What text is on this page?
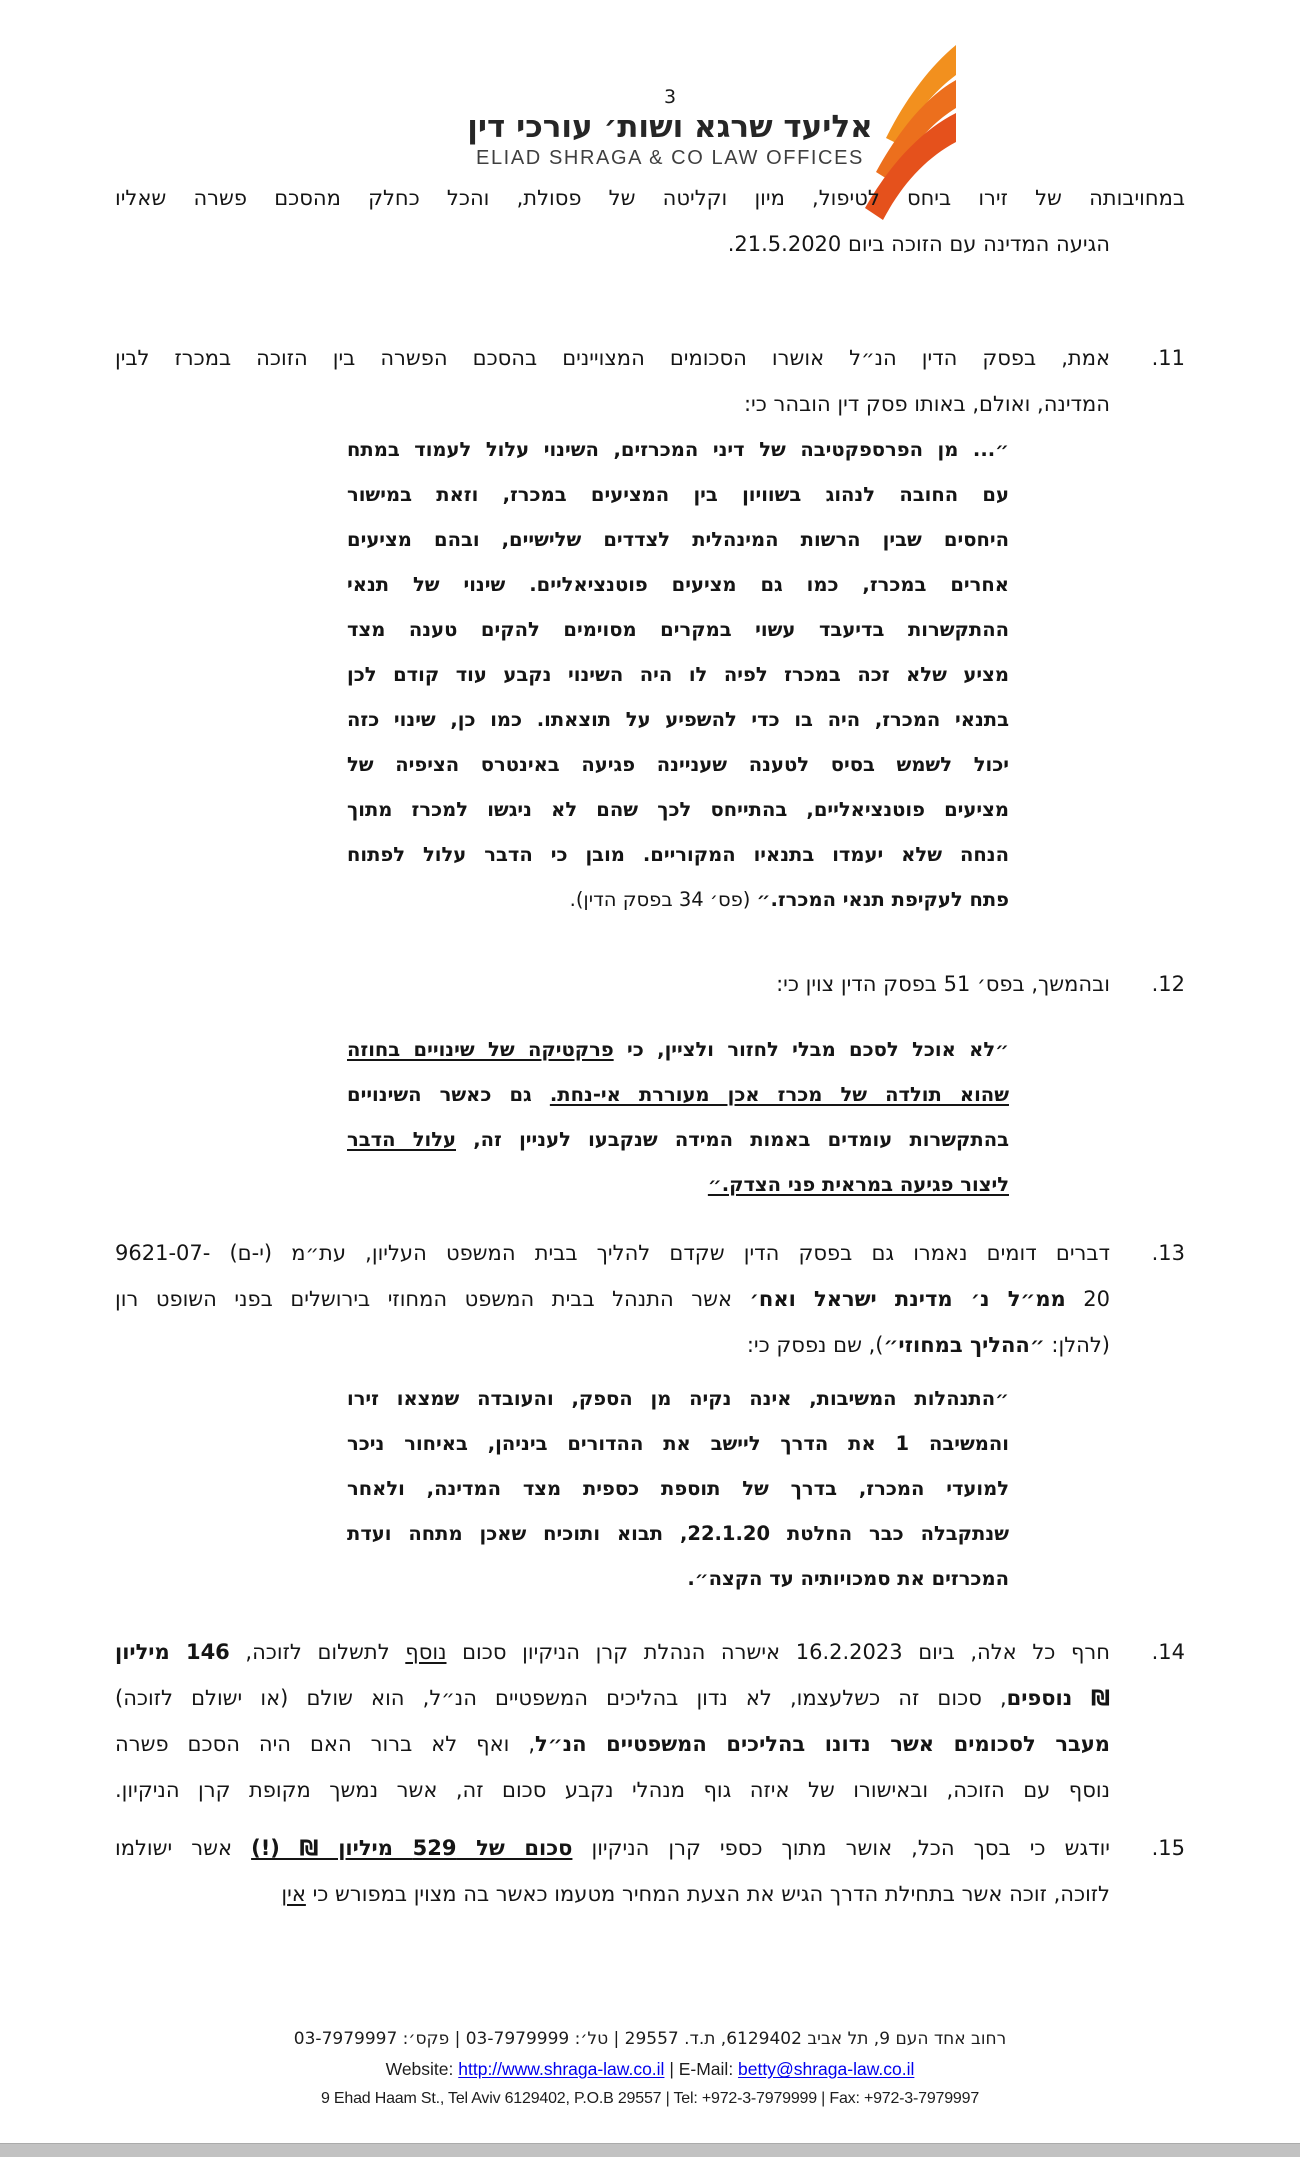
3
אליעד שרגא ושות׳ עורכי דין
ELIAD SHRAGA & CO LAW OFFICES
במחויבותה של זירו ביחס לטיפול, מיון וקליטה של פסולת, והכל כחלק מהסכם פשרה שאליו
הגיעה המדינה עם הזוכה ביום 21.5.2020.
11.
אמת, בפסק הדין הנ״ל אושרו הסכומים המצויינים בהסכם הפשרה בין הזוכה במכרז לבין
המדינה, ואולם, באותו פסק דין הובהר כי:
״... מן הפרספקטיבה של דיני המכרזים, השינוי עלול לעמוד במתח
עם החובה לנהוג בשוויון בין המציעים במכרז, וזאת במישור
היחסים שבין הרשות המינהלית לצדדים שלישיים, ובהם מציעים
אחרים במכרז, כמו גם מציעים פוטנציאליים. שינוי של תנאי
ההתקשרות בדיעבד עשוי במקרים מסוימים להקים טענה מצד
מציע שלא זכה במכרז לפיה לו היה השינוי נקבע עוד קודם לכן
בתנאי המכרז, היה בו כדי להשפיע על תוצאתו. כמו כן, שינוי כזה
יכול לשמש בסיס לטענה שעניינה פגיעה באינטרס הציפיה של
מציעים פוטנציאליים, בהתייחס לכך שהם לא ניגשו למכרז מתוך
הנחה שלא יעמדו בתנאיו המקוריים. מובן כי הדבר עלול לפתוח
פתח לעקיפת תנאי המכרז.״ (פס׳ 34 בפסק הדין).
12.
ובהמשך, בפס׳ 51 בפסק הדין צוין כי:
״לא אוכל לסכם מבלי לחזור ולציין, כי פרקטיקה של שינויים בחוזה
שהוא תולדה של מכרז אכן מעוררת אי-נחת. גם כאשר השינויים
בהתקשרות עומדים באמות המידה שנקבעו לעניין זה, עלול הדבר
ליצור פגיעה במראית פני הצדק.״
13.
דברים דומים נאמרו גם בפסק הדין שקדם להליך בבית המשפט העליון, עת״מ (י-ם) -9621-07
20 ממ״ל נ׳ מדינת ישראל ואח׳ אשר התנהל בבית המשפט המחוזי בירושלים בפני השופט רון
(להלן: ״ההליך במחוזי״), שם נפסק כי:
״התנהלות המשיבות, אינה נקיה מן הספק, והעובדה שמצאו זירו
והמשיבה 1 את הדרך ליישב את ההדורים ביניהן, באיחור ניכר
למועדי המכרז, בדרך של תוספת כספית מצד המדינה, ולאחר
שנתקבלה כבר החלטת 22.1.20, תבוא ותוכיח שאכן מתחה ועדת
המכרזים את סמכויותיה עד הקצה״.
14.
חרף כל אלה, ביום 16.2.2023 אישרה הנהלת קרן הניקיון סכום נוסף לתשלום לזוכה, 146 מיליון
₪ נוספים, סכום זה כשלעצמו, לא נדון בהליכים המשפטיים הנ״ל, הוא שולם (או ישולם לזוכה)
מעבר לסכומים אשר נדונו בהליכים המשפטיים הנ״ל, ואף לא ברור האם היה הסכם פשרה
נוסף עם הזוכה, ובאישורו של איזה גוף מנהלי נקבע סכום זה, אשר נמשך מקופת קרן הניקיון.
15.
יודגש כי בסך הכל, אושר מתוך כספי קרן הניקיון סכום של 529 מיליון ₪ (!) אשר ישולמו
לזוכה, זוכה אשר בתחילת הדרך הגיש את הצעת המחיר מטעמו כאשר בה מצוין במפורש כי אין
רחוב אחד העם 9, תל אביב 6129402, ת.ד. 29557 | טל׳: 03-7979999 | פקס׳: 03-7979997
Website: http://www.shraga-law.co.il | E-Mail: betty@shraga-law.co.il
9 Ehad Haam St., Tel Aviv 6129402, P.O.B 29557 | Tel: +972-3-7979999 | Fax: +972-3-7979997
